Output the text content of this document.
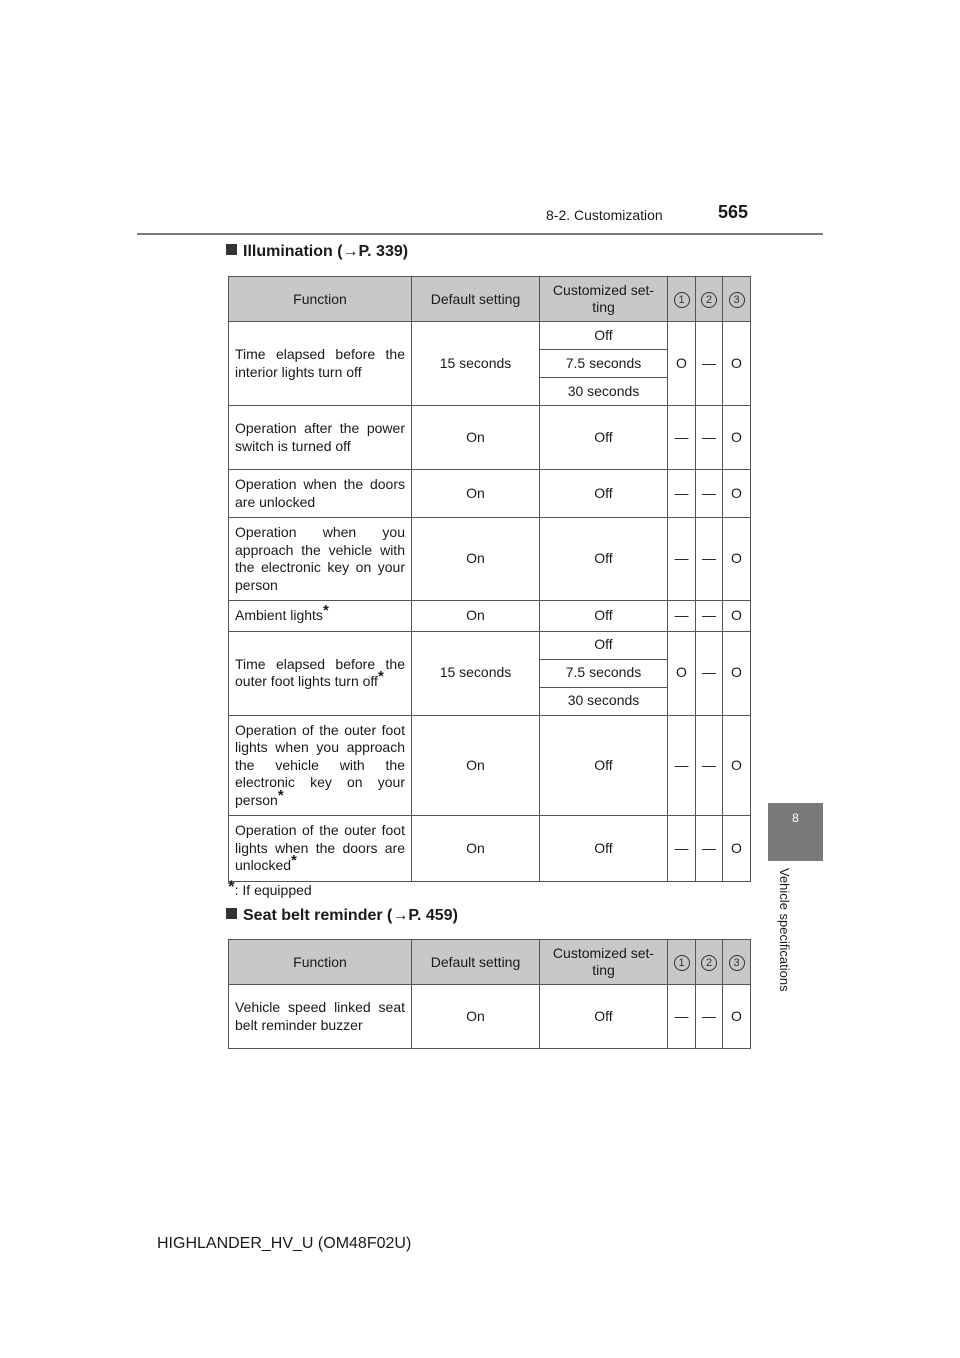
8-2. Customization	565
8
Vehicle specifications
Illumination (→P. 339)
Function	Default setting	Customized set-ting	1	2	3
Time elapsed before the interior lights turn off	15 seconds	Off	O	—	O
		7.5 seconds			
		30 seconds			
Operation after the power switch is turned off	On	Off	—	—	O
Operation when the doors are unlocked	On	Off	—	—	O
Operation when you approach the vehicle with the electronic key on your person	On	Off	—	—	O
Ambient lights*	On	Off	—	—	O
Time elapsed before the outer foot lights turn off*	15 seconds	Off	O	—	O
		7.5 seconds			
		30 seconds			
Operation of the outer foot lights when you approach the vehicle with the electronic key on your person*	On	Off	—	—	O
Operation of the outer foot lights when the doors are unlocked*	On	Off	—	—	O
*: If equipped
Seat belt reminder (→P. 459)
Function	Default setting	Customized set-ting	1	2	3
Vehicle speed linked seat belt reminder buzzer	On	Off	—	—	O
HIGHLANDER_HV_U (OM48F02U)
